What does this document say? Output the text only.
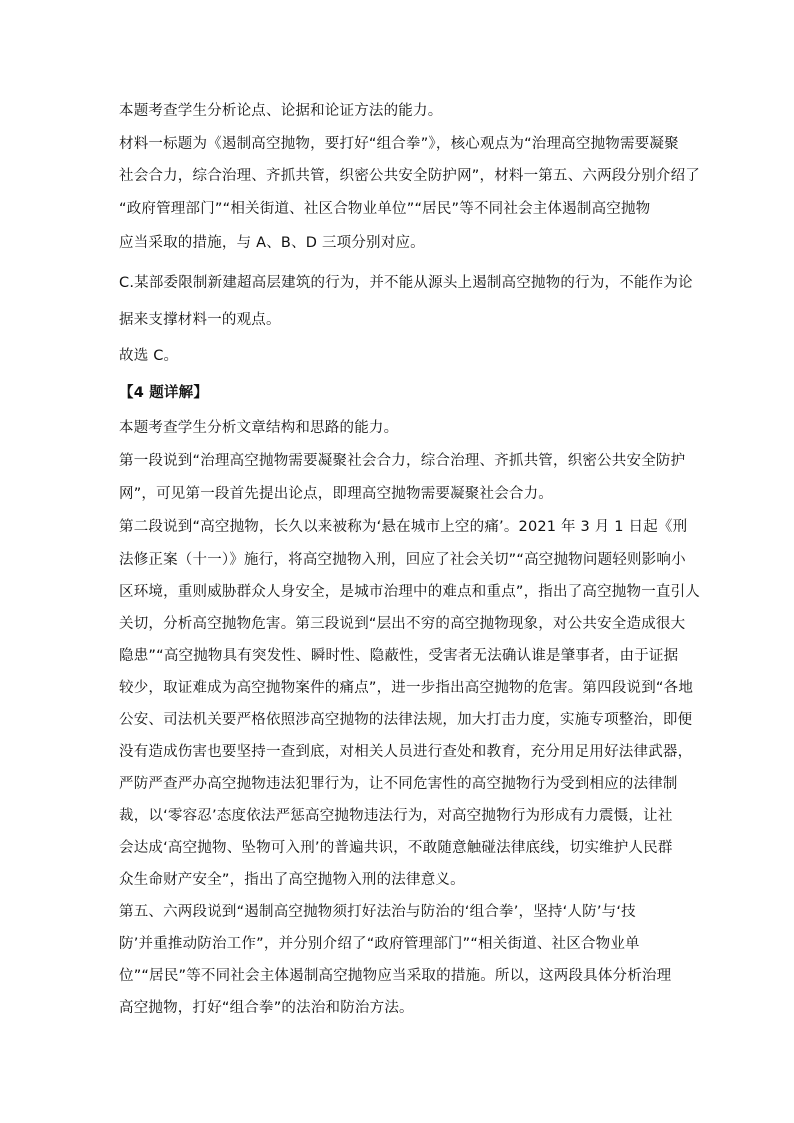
本题考查学生分析论点、论据和论证方法的能力。
材料一标题为《遏制高空抛物，要打好“组合拳”》，核心观点为“治理高空抛物需要凝聚
社会合力，综合治理、齐抓共管，织密公共安全防护网”，材料一第五、六两段分别介绍了
“政府管理部门”“相关街道、社区合物业单位”“居民”等不同社会主体遏制高空抛物
应当采取的措施，与 A、B、D 三项分别对应。
C.某部委限制新建超高层建筑的行为，并不能从源头上遏制高空抛物的行为，不能作为论
据来支撑材料一的观点。
故选 C。
【4 题详解】
本题考查学生分析文章结构和思路的能力。
第一段说到“治理高空抛物需要凝聚社会合力，综合治理、齐抓共管，织密公共安全防护
网”，可见第一段首先提出论点，即理高空抛物需要凝聚社会合力。
第二段说到“高空抛物，长久以来被称为‘悬在城市上空的痛’。2021 年 3 月 1 日起《刑
法修正案（十一）》施行，将高空抛物入刑，回应了社会关切”“高空抛物问题轻则影响小
区环境，重则威胁群众人身安全，是城市治理中的难点和重点”，指出了高空抛物一直引人
关切，分析高空抛物危害。第三段说到“层出不穷的高空抛物现象，对公共安全造成很大
隐患”“高空抛物具有突发性、瞬时性、隐蔽性，受害者无法确认谁是肇事者，由于证据
较少，取证难成为高空抛物案件的痛点”，进一步指出高空抛物的危害。第四段说到“各地
公安、司法机关要严格依照涉高空抛物的法律法规，加大打击力度，实施专项整治，即便
没有造成伤害也要坚持一查到底，对相关人员进行查处和教育，充分用足用好法律武器，
严防严查严办高空抛物违法犯罪行为，让不同危害性的高空抛物行为受到相应的法律制
裁，以‘零容忍’态度依法严惩高空抛物违法行为，对高空抛物行为形成有力震慑，让社
会达成‘高空抛物、坠物可入刑’的普遍共识，不敢随意触碰法律底线，切实维护人民群
众生命财产安全”，指出了高空抛物入刑的法律意义。
第五、六两段说到“遏制高空抛物须打好法治与防治的‘组合拳’，坚持‘人防’与‘技
防’并重推动防治工作”，并分别介绍了“政府管理部门”“相关街道、社区合物业单
位”“居民”等不同社会主体遏制高空抛物应当采取的措施。所以，这两段具体分析治理
高空抛物，打好“组合拳”的法治和防治方法。
